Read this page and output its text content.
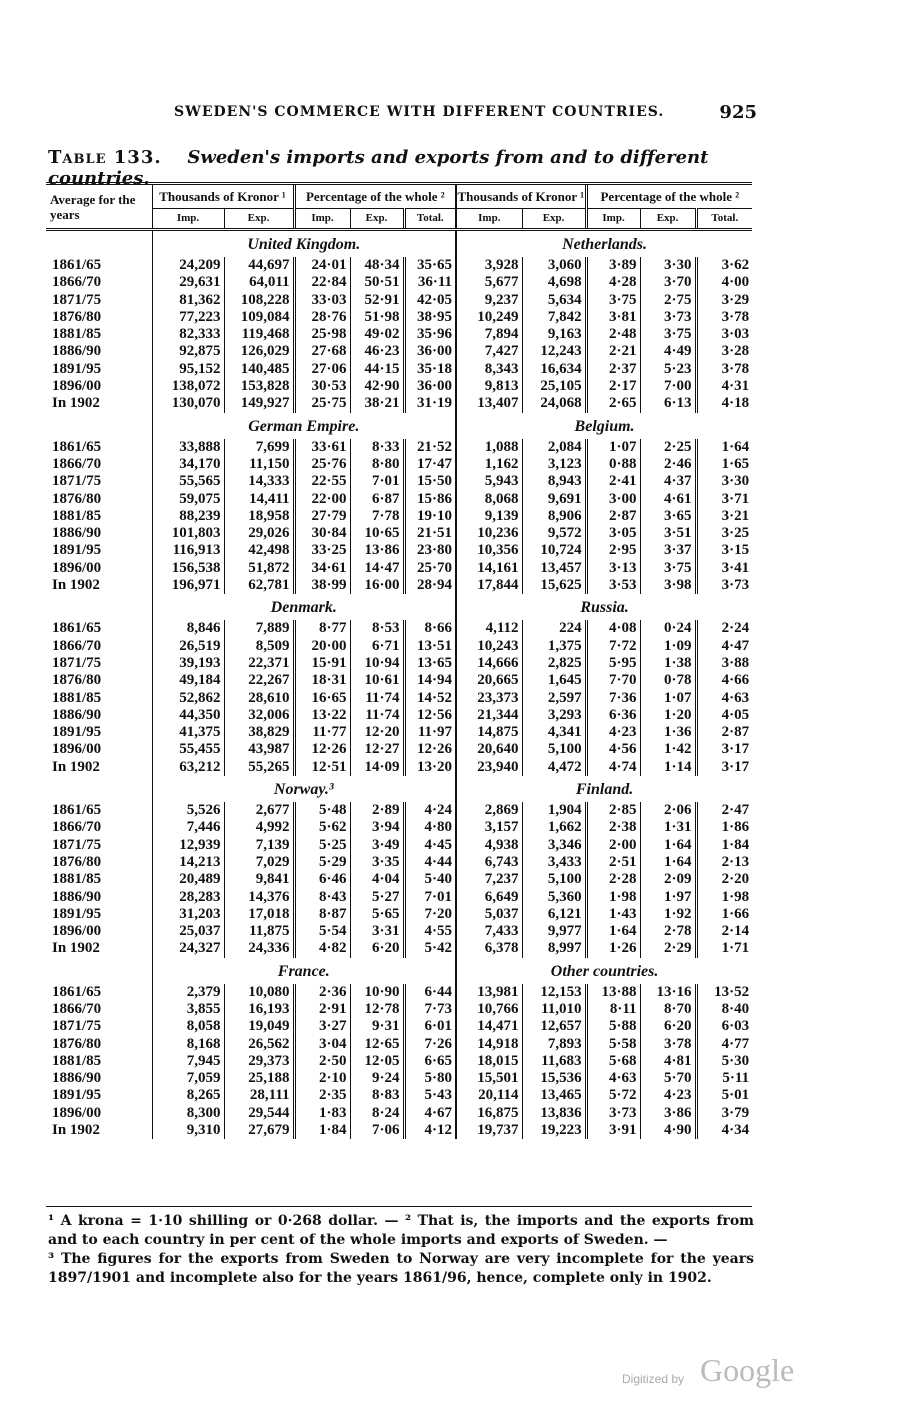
SWEDEN'S COMMERCE WITH DIFFERENT COUNTRIES.	925
Table 133. Sweden's imports and exports from and to different countries.
Average for the years	Thousands of Kronor ¹		Percentage of the whole ²			Thousands of Kronor ¹		Percentage of the whole ²		
	Imp.	Exp.	Imp.	Exp.	Total.	Imp.	Exp.	Imp.	Exp.	Total.
	United Kingdom.					Netherlands.				
1861/65	24,209	44,697	24·01	48·34	35·65	3,928	3,060	3·89	3·30	3·62
1866/70	29,631	64,011	22·84	50·51	36·11	5,677	4,698	4·28	3·70	4·00
1871/75	81,362	108,228	33·03	52·91	42·05	9,237	5,634	3·75	2·75	3·29
1876/80	77,223	109,084	28·76	51·98	38·95	10,249	7,842	3·81	3·73	3·78
1881/85	82,333	119,468	25·98	49·02	35·96	7,894	9,163	2·48	3·75	3·03
1886/90	92,875	126,029	27·68	46·23	36·00	7,427	12,243	2·21	4·49	3·28
1891/95	95,152	140,485	27·06	44·15	35·18	8,343	16,634	2·37	5·23	3·78
1896/00	138,072	153,828	30·53	42·90	36·00	9,813	25,105	2·17	7·00	4·31
In 1902	130,070	149,927	25·75	38·21	31·19	13,407	24,068	2·65	6·13	4·18
	German Empire.					Belgium.				
1861/65	33,888	7,699	33·61	8·33	21·52	1,088	2,084	1·07	2·25	1·64
1866/70	34,170	11,150	25·76	8·80	17·47	1,162	3,123	0·88	2·46	1·65
1871/75	55,565	14,333	22·55	7·01	15·50	5,943	8,943	2·41	4·37	3·30
1876/80	59,075	14,411	22·00	6·87	15·86	8,068	9,691	3·00	4·61	3·71
1881/85	88,239	18,958	27·79	7·78	19·10	9,139	8,906	2·87	3·65	3·21
1886/90	101,803	29,026	30·84	10·65	21·51	10,236	9,572	3·05	3·51	3·25
1891/95	116,913	42,498	33·25	13·86	23·80	10,356	10,724	2·95	3·37	3·15
1896/00	156,538	51,872	34·61	14·47	25·70	14,161	13,457	3·13	3·75	3·41
In 1902	196,971	62,781	38·99	16·00	28·94	17,844	15,625	3·53	3·98	3·73
	Denmark.					Russia.				
1861/65	8,846	7,889	8·77	8·53	8·66	4,112	224	4·08	0·24	2·24
1866/70	26,519	8,509	20·00	6·71	13·51	10,243	1,375	7·72	1·09	4·47
1871/75	39,193	22,371	15·91	10·94	13·65	14,666	2,825	5·95	1·38	3·88
1876/80	49,184	22,267	18·31	10·61	14·94	20,665	1,645	7·70	0·78	4·66
1881/85	52,862	28,610	16·65	11·74	14·52	23,373	2,597	7·36	1·07	4·63
1886/90	44,350	32,006	13·22	11·74	12·56	21,344	3,293	6·36	1·20	4·05
1891/95	41,375	38,829	11·77	12·20	11·97	14,875	4,341	4·23	1·36	2·87
1896/00	55,455	43,987	12·26	12·27	12·26	20,640	5,100	4·56	1·42	3·17
In 1902	63,212	55,265	12·51	14·09	13·20	23,940	4,472	4·74	1·14	3·17
	Norway.³					Finland.				
1861/65	5,526	2,677	5·48	2·89	4·24	2,869	1,904	2·85	2·06	2·47
1866/70	7,446	4,992	5·62	3·94	4·80	3,157	1,662	2·38	1·31	1·86
1871/75	12,939	7,139	5·25	3·49	4·45	4,938	3,346	2·00	1·64	1·84
1876/80	14,213	7,029	5·29	3·35	4·44	6,743	3,433	2·51	1·64	2·13
1881/85	20,489	9,841	6·46	4·04	5·40	7,237	5,100	2·28	2·09	2·20
1886/90	28,283	14,376	8·43	5·27	7·01	6,649	5,360	1·98	1·97	1·98
1891/95	31,203	17,018	8·87	5·65	7·20	5,037	6,121	1·43	1·92	1·66
1896/00	25,037	11,875	5·54	3·31	4·55	7,433	9,977	1·64	2·78	2·14
In 1902	24,327	24,336	4·82	6·20	5·42	6,378	8,997	1·26	2·29	1·71
	France.					Other countries.				
1861/65	2,379	10,080	2·36	10·90	6·44	13,981	12,153	13·88	13·16	13·52
1866/70	3,855	16,193	2·91	12·78	7·73	10,766	11,010	8·11	8·70	8·40
1871/75	8,058	19,049	3·27	9·31	6·01	14,471	12,657	5·88	6·20	6·03
1876/80	8,168	26,562	3·04	12·65	7·26	14,918	7,893	5·58	3·78	4·77
1881/85	7,945	29,373	2·50	12·05	6·65	18,015	11,683	5·68	4·81	5·30
1886/90	7,059	25,188	2·10	9·24	5·80	15,501	15,536	4·63	5·70	5·11
1891/95	8,265	28,111	2·35	8·83	5·43	20,114	13,465	5·72	4·23	5·01
1896/00	8,300	29,544	1·83	8·24	4·67	16,875	13,836	3·73	3·86	3·79
In 1902	9,310	27,679	1·84	7·06	4·12	19,737	19,223	3·91	4·90	4·34

¹ A krona = 1·10 shilling or 0·268 dollar. — ² That is, the imports and the exports from and to each country in per cent of the whole imports and exports of Sweden. —

³ The figures for the exports from Sweden to Norway are very incomplete for the years 1897/1901 and incomplete also for the years 1861/96, hence, complete only in 1902.

Digitized by Google
